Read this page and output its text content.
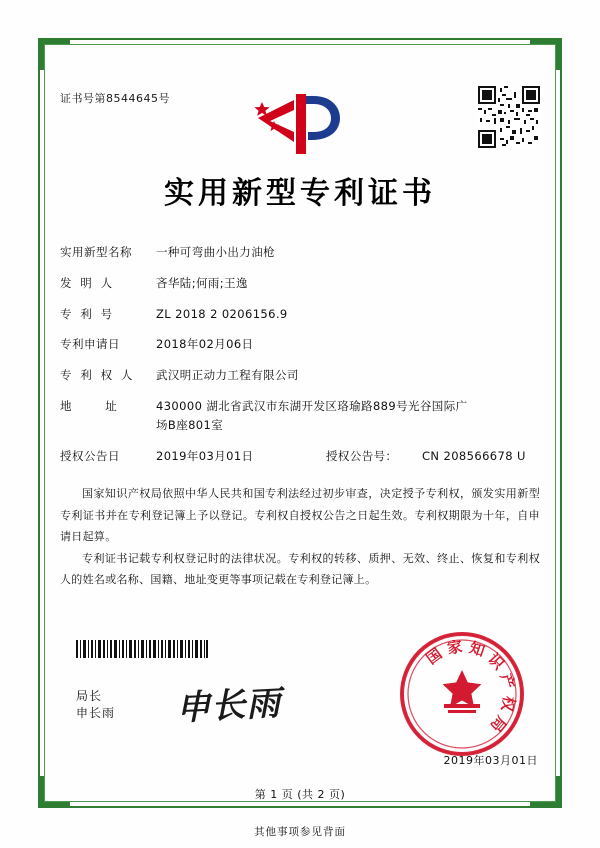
证书号第8544645号
实用新型专利证书
实用新型名称	一种可弯曲小出力油枪
发  明  人	吝华陆;何雨;王逸
专  利  号	ZL 2018 2 0206156.9
专利申请日	2018年02月06日
专  利  权  人	武汉明正动力工程有限公司
地        址	430000 湖北省武汉市东湖开发区珞瑜路889号光谷国际广
场B座801室
授权公告日	2019年03月01日	授权公告号：	CN 208566678 U

国家知识产权局依照中华人民共和国专利法经过初步审查，决定授予专利权，颁发实用新型专利证书并在专利登记簿上予以登记。专利权自授权公告之日起生效。专利权期限为十年，自申请日起算。

专利证书记载专利权登记时的法律状况。专利权的转移、质押、无效、终止、恢复和专利权人的姓名或名称、国籍、地址变更等事项记载在专利登记簿上。

局长
申长雨 申长雨
国 家 知 识 产 权 局
2019年03月01日
第 1 页 (共 2 页)
其他事项参见背面
